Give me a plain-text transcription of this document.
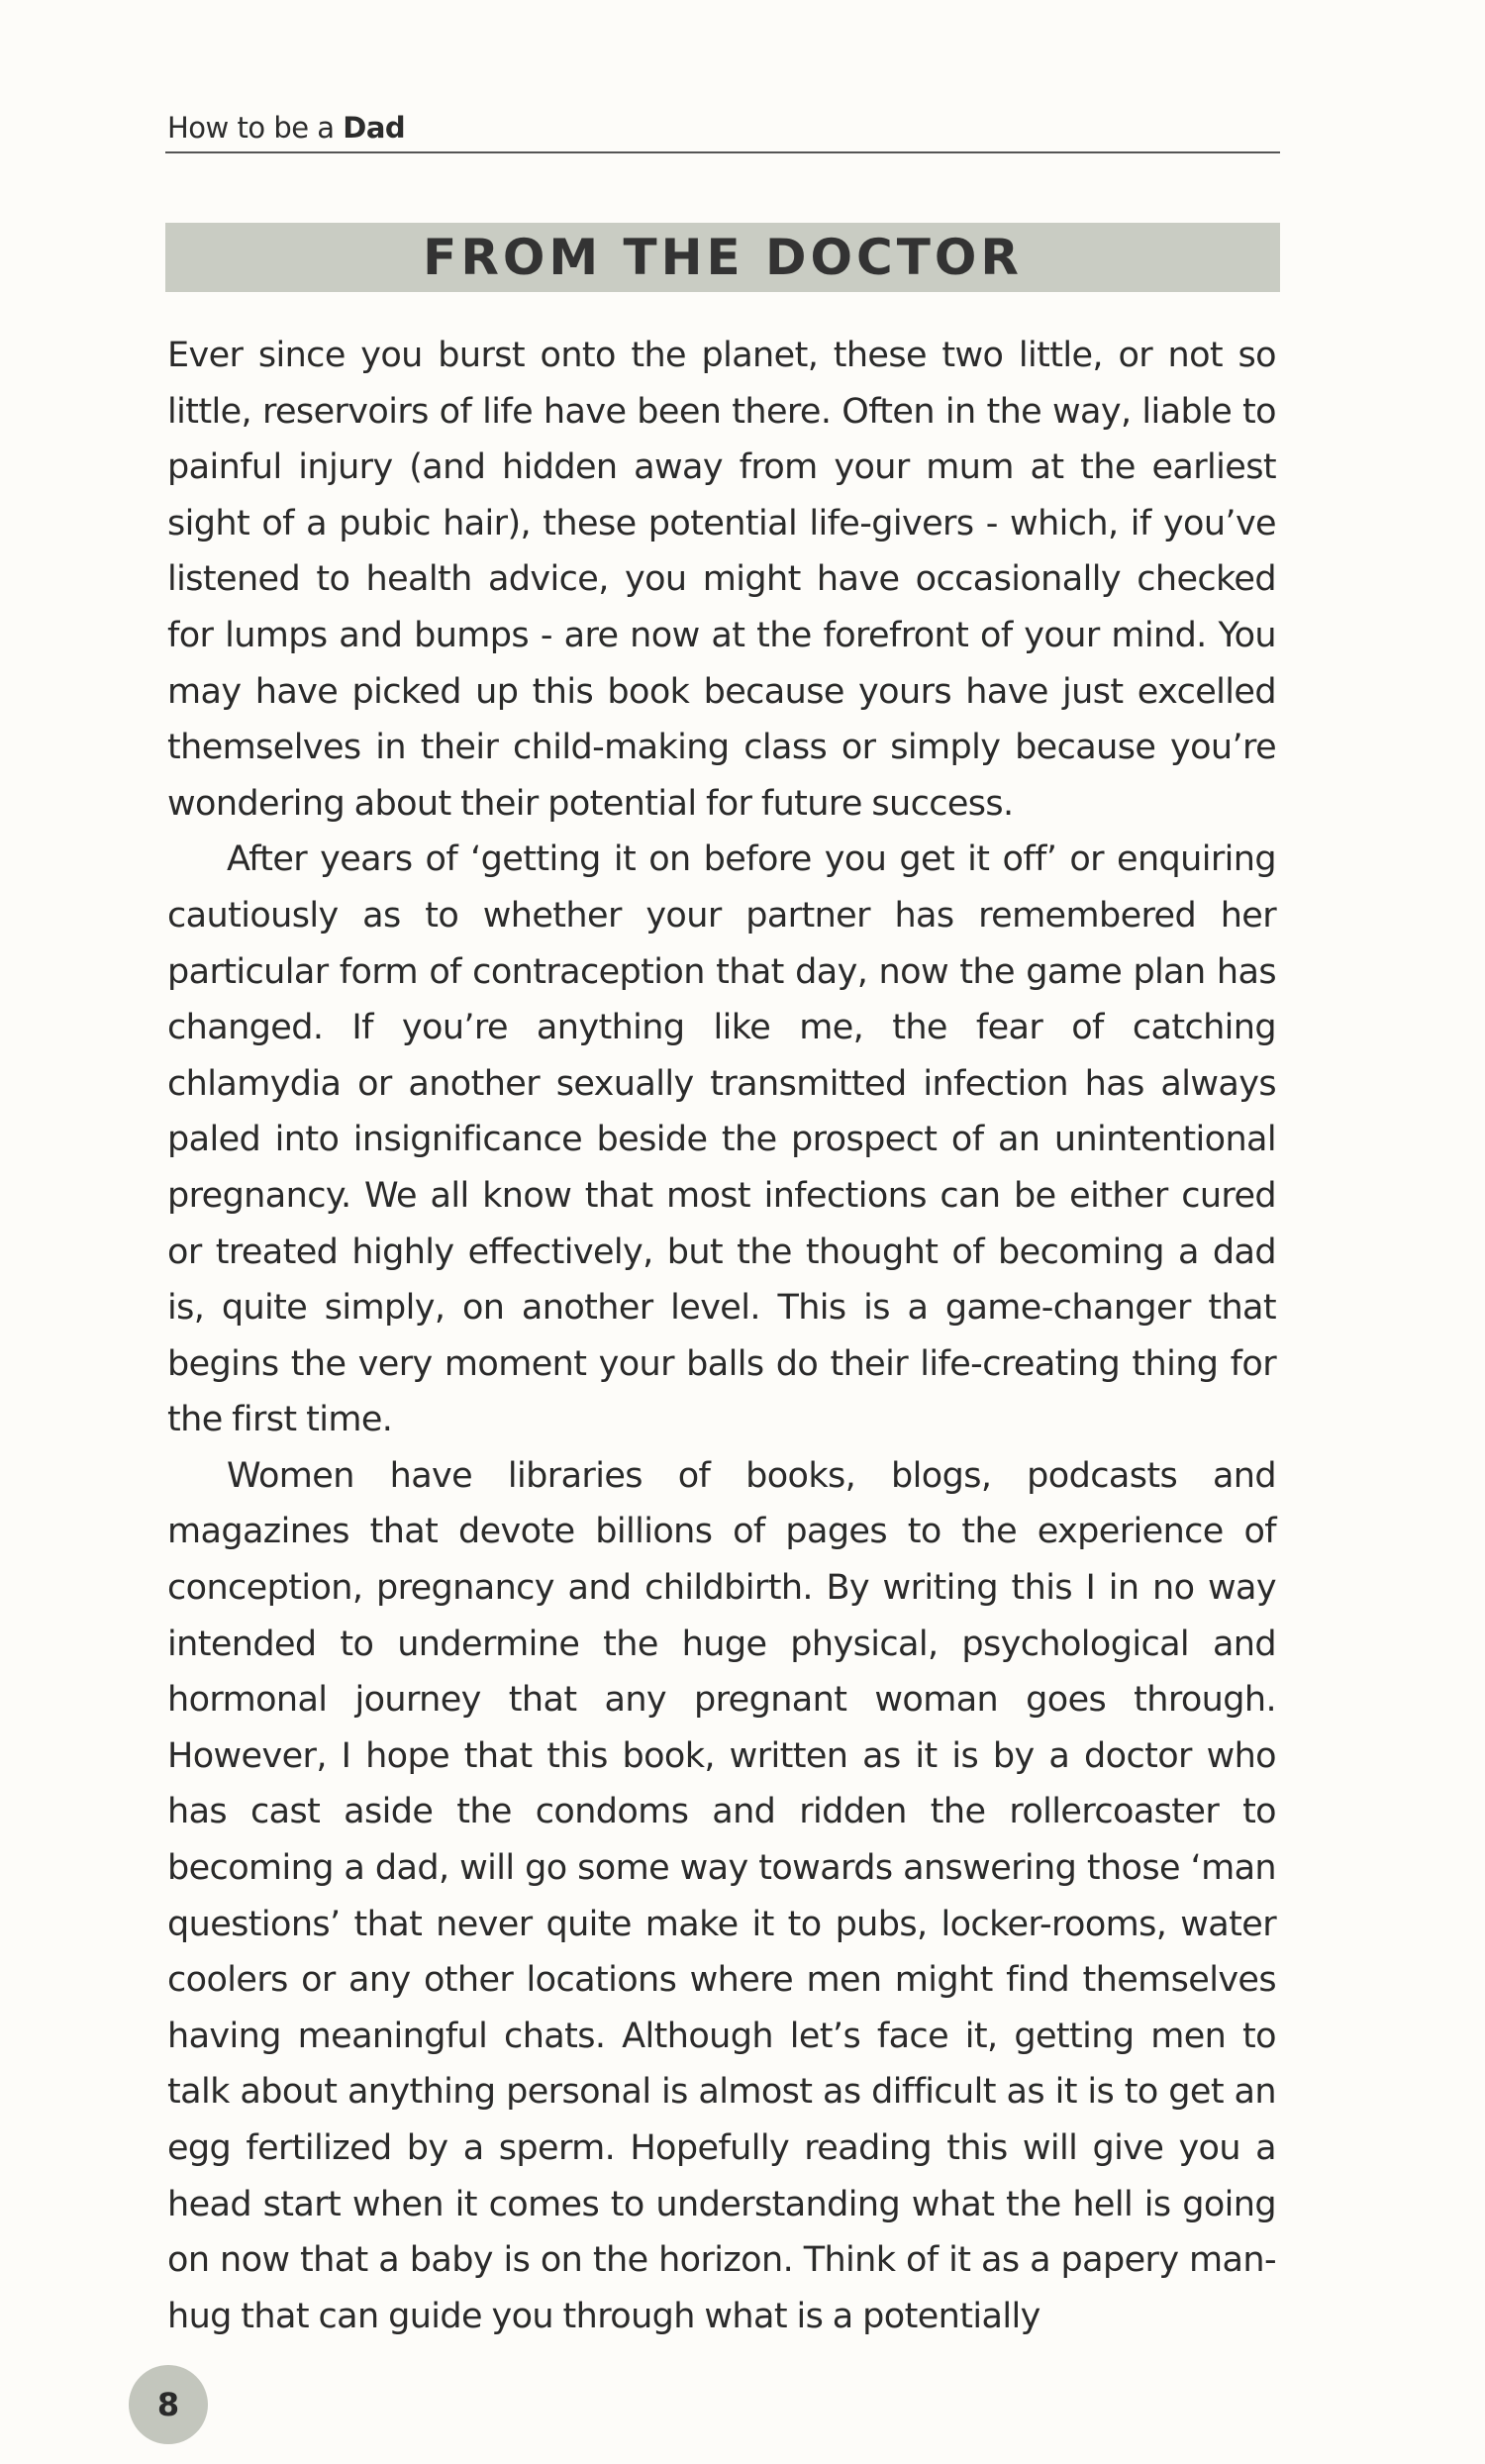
How to be a Dad
FROM THE DOCTOR

Ever since you burst onto the planet, these two little, or not so little, reservoirs of life have been there. Often in the way, liable to painful injury (and hidden away from your mum at the earliest sight of a pubic hair), these potential life-givers - which, if you’ve listened to health advice, you might have occasionally checked for lumps and bumps - are now at the forefront of your mind. You may have picked up this book because yours have just excelled themselves in their child-making class or simply because you’re wondering about their potential for future success.

After years of ‘getting it on before you get it off’ or enquiring cautiously as to whether your partner has remembered her particular form of contraception that day, now the game plan has changed. If you’re anything like me, the fear of catching chlamydia or another sexually transmitted infection has always paled into insignificance beside the prospect of an unintentional pregnancy. We all know that most infections can be either cured or treated highly effectively, but the thought of becoming a dad is, quite simply, on another level. This is a game-changer that begins the very moment your balls do their life-creating thing for the first time.

Women have libraries of books, blogs, podcasts and magazines that devote billions of pages to the experience of conception, pregnancy and childbirth. By writing this I in no way intended to undermine the huge physical, psychological and hormonal journey that any pregnant woman goes through. However, I hope that this book, written as it is by a doctor who has cast aside the condoms and ridden the rollercoaster to becoming a dad, will go some way towards answering those ‘man questions’ that never quite make it to pubs, locker-rooms, water coolers or any other locations where men might find themselves having meaningful chats. Although let’s face it, getting men to talk about anything personal is almost as difficult as it is to get an egg fertilized by a sperm. Hopefully reading this will give you a head start when it comes to understanding what the hell is going on now that a baby is on the horizon. Think of it as a papery man-hug that can guide you through what is a potentially

8
